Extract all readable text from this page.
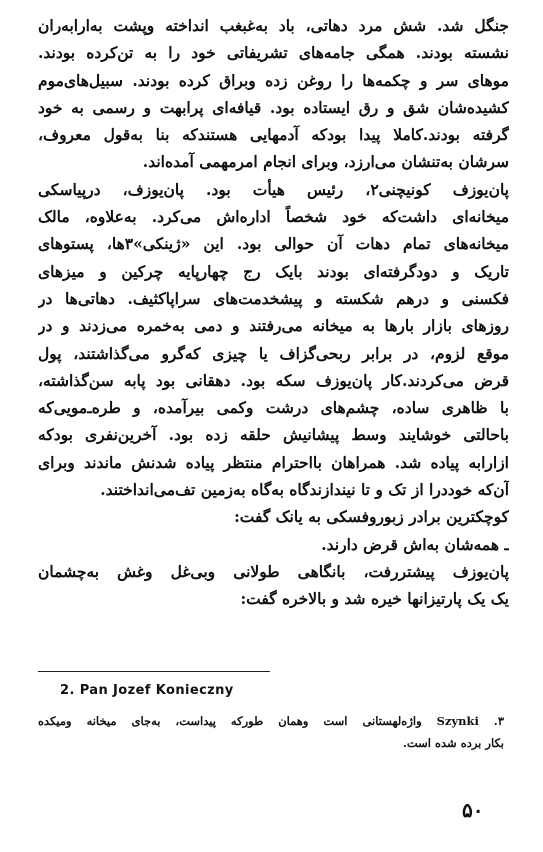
جنگل شد. شش مرد دهاتی، باد به‌غبغب انداخته وپشت به‌ارابه‌ران
نشسته بودند. همگی جامه‌های تشریفاتی خود را به تن‌کرده بودند.
موهای سر و چکمه‌ها را روغن زده وبراق کرده بودند. سبیل‌های‌موم
کشیده‌شان شق و رق ایستاده بود. قیافه‌ای پرابهت و رسمی به خود
گرفته بودند.کاملا پیدا بودکه آدمهایی هستندکه بنا به‌قول معروف،
سرشان به‌تنشان می‌ارزد، وبرای انجام امرمهمی آمده‌اند.
پان‌یوزف کونیچنی۲، رئیس هیأت بود. پان‌یوزف، درپیاسکی
میخانه‌ای داشت‌که خود شخصاً اداره‌اش می‌کرد. به‌علاوه، مالک
میخانه‌های تمام دهات آن حوالی بود. این «ژینکی»۳ها، پستوهای
تاریک و دودگرفته‌ای بودند بایک رج چهارپایه چرکین و میزهای
فکسنی و درهم شکسته و پیشخدمت‌های سراپاکثیف. دهاتی‌ها در
روزهای بازار بارها به میخانه می‌رفتند و دمی به‌خمره می‌زدند و در
موقع لزوم، در برابر ربحی‌گزاف یا چیزی که‌گرو می‌گذاشتند، پول
قرض می‌کردند.کار پان‌یوزف سکه بود. دهقانی بود پابه سن‌گذاشته،
با ظاهری ساده، چشم‌های درشت وکمی بیرآمده، و طره‌ـ‌مویی‌که
باحالتی خوشایند وسط پیشانیش حلقه زده بود. آخرین‌نفری بودکه
ازارابه پیاده شد. همراهان بااحترام منتظر پیاده شدنش ماندند وبرای
آن‌که خوددرا از تک و تا نیندازندگاه به‌گاه به‌زمین تف‌می‌انداختند.
کوچکترین برادر زبوروفسکی به یانک گفت:
ـ همه‌شان به‌اش قرض دارند.
پان‌یوزف پیشتررفت، بانگاهی طولانی وبی‌غل وغش به‌چشمان
یک یک پارتیزانها خیره شد و بالاخره گفت:
2. Pan Jozef Konieczny
۳. Szynki واژه‌لهستانی است وهمان طورکه پیداست، به‌جای میخانه ومیکده
بکار برده شده است.
۵۰
